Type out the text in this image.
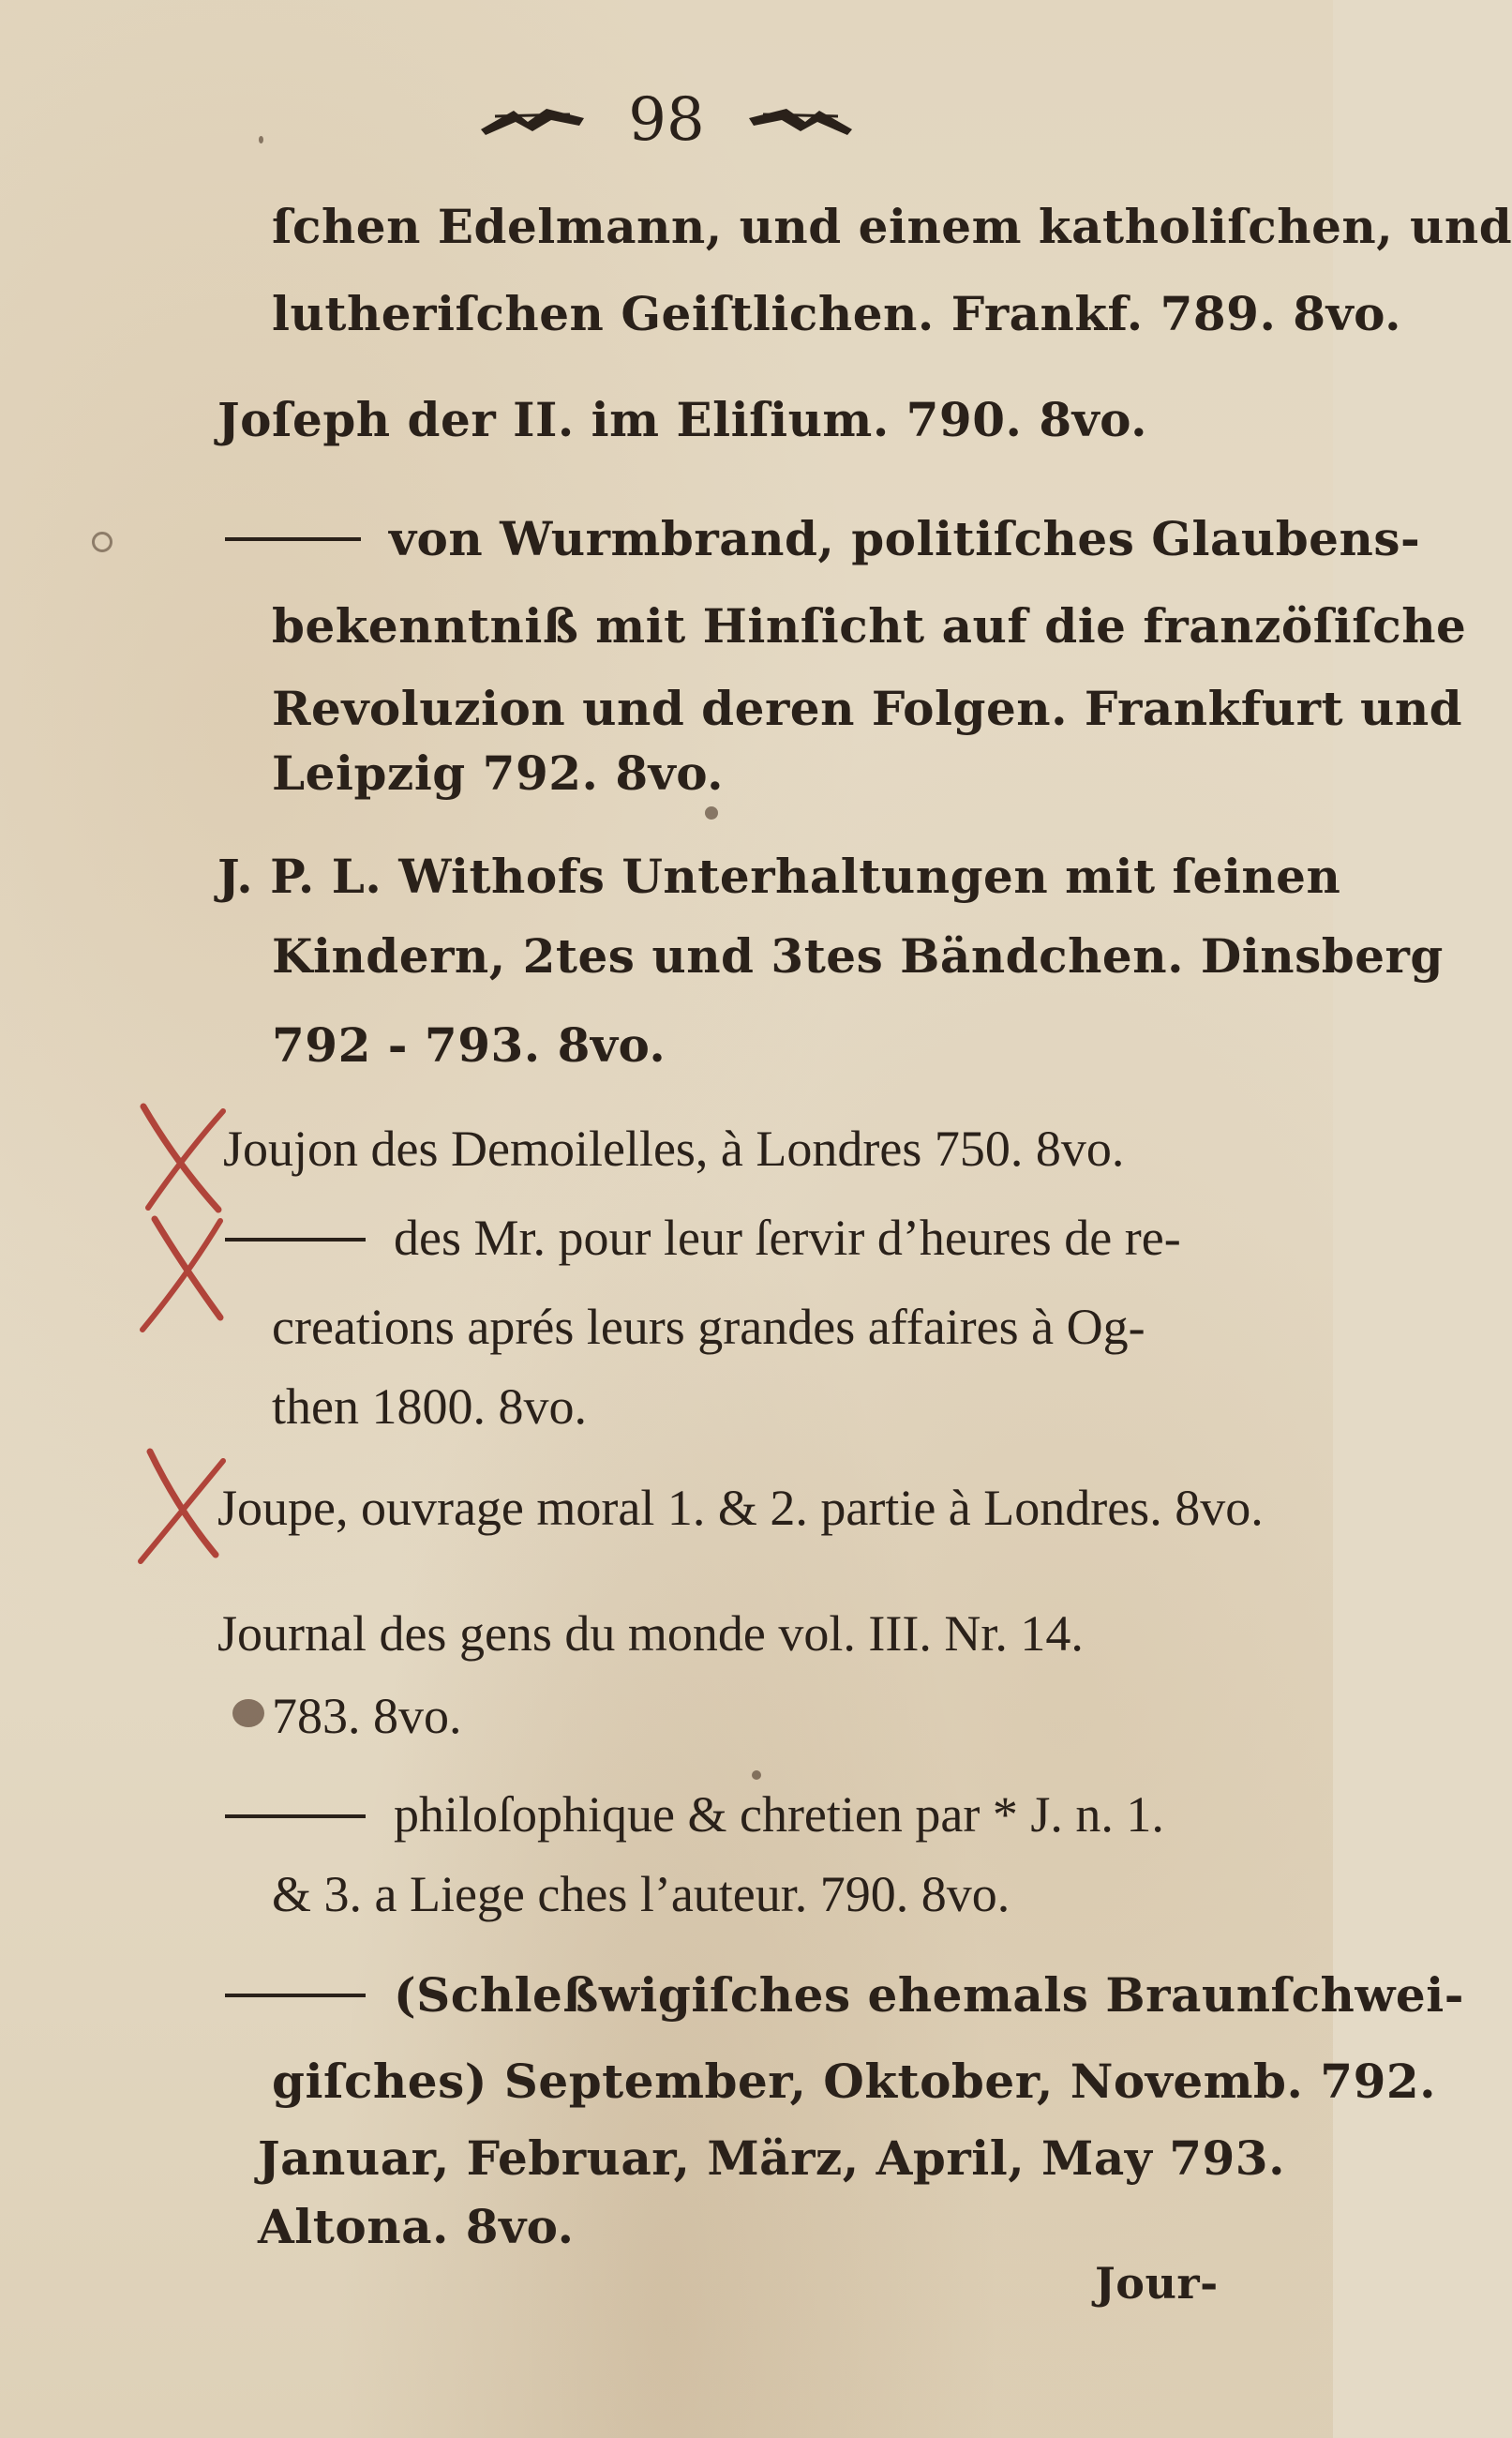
98
ſchen Edelmann, und einem katholiſchen, und
lutheriſchen Geiſtlichen. Frankf. 789. 8vo.
Joſeph der II. im Eliſium. 790. 8vo.
von Wurmbrand, politiſches Glaubens-
bekenntniß mit Hinſicht auf die franzöſiſche
Revoluzion und deren Folgen. Frankfurt und
Leipzig 792. 8vo.
J. P. L. Withofs Unterhaltungen mit ſeinen
Kindern, 2tes und 3tes Bändchen. Dinsberg
792 - 793. 8vo.
Joujon des Demoilelles, à Londres 750. 8vo.
des Mr. pour leur ſervir d’heures de re-
creations aprés leurs grandes affaires à Og-
then 1800. 8vo.
Joupe, ouvrage moral 1. & 2. partie à Londres. 8vo.
Journal des gens du monde vol. III. Nr. 14.
783. 8vo.
philoſophique & chretien par * J. n. 1.
& 3. a Liege ches l’auteur. 790. 8vo.
(Schleßwigiſches ehemals Braunſchwei-
giſches) September, Oktober, Novemb. 792.
Januar, Februar, März, April, May 793.
Altona. 8vo.
Jour-
